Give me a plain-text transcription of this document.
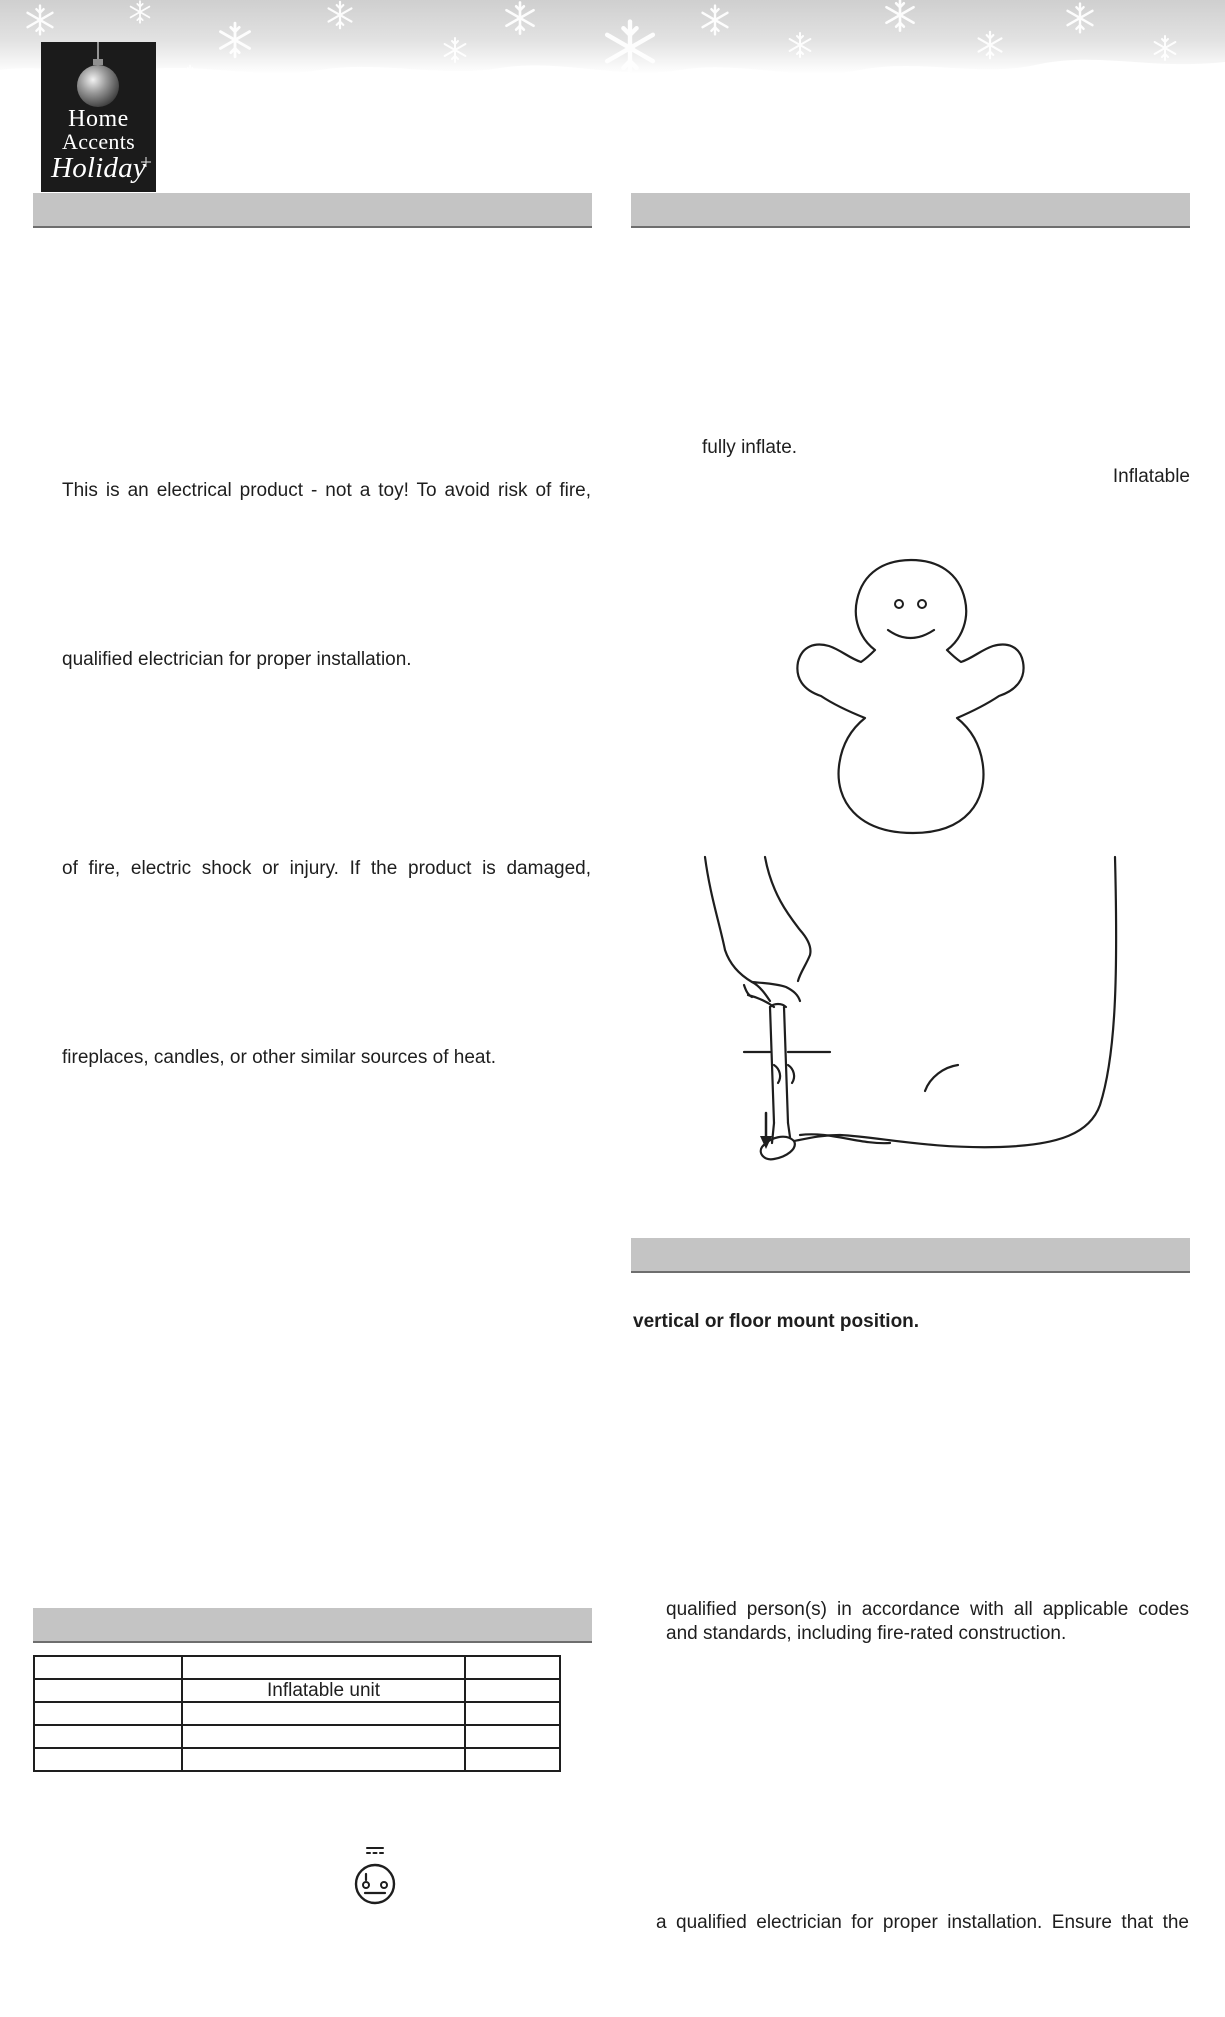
Home
Accents
Holiday
This is an electrical product - not a toy! To avoid risk of fire,
qualified electrician for proper installation.
of fire, electric shock or injury. If the product is damaged,
fireplaces, candles, or other similar sources of heat.
fully inflate.
Inflatable
vertical or floor mount position.
qualified person(s) in accordance with all applicable codes
and standards, including fire-rated construction.
a qualified electrician for proper installation. Ensure that the

	Inflatable unit	
